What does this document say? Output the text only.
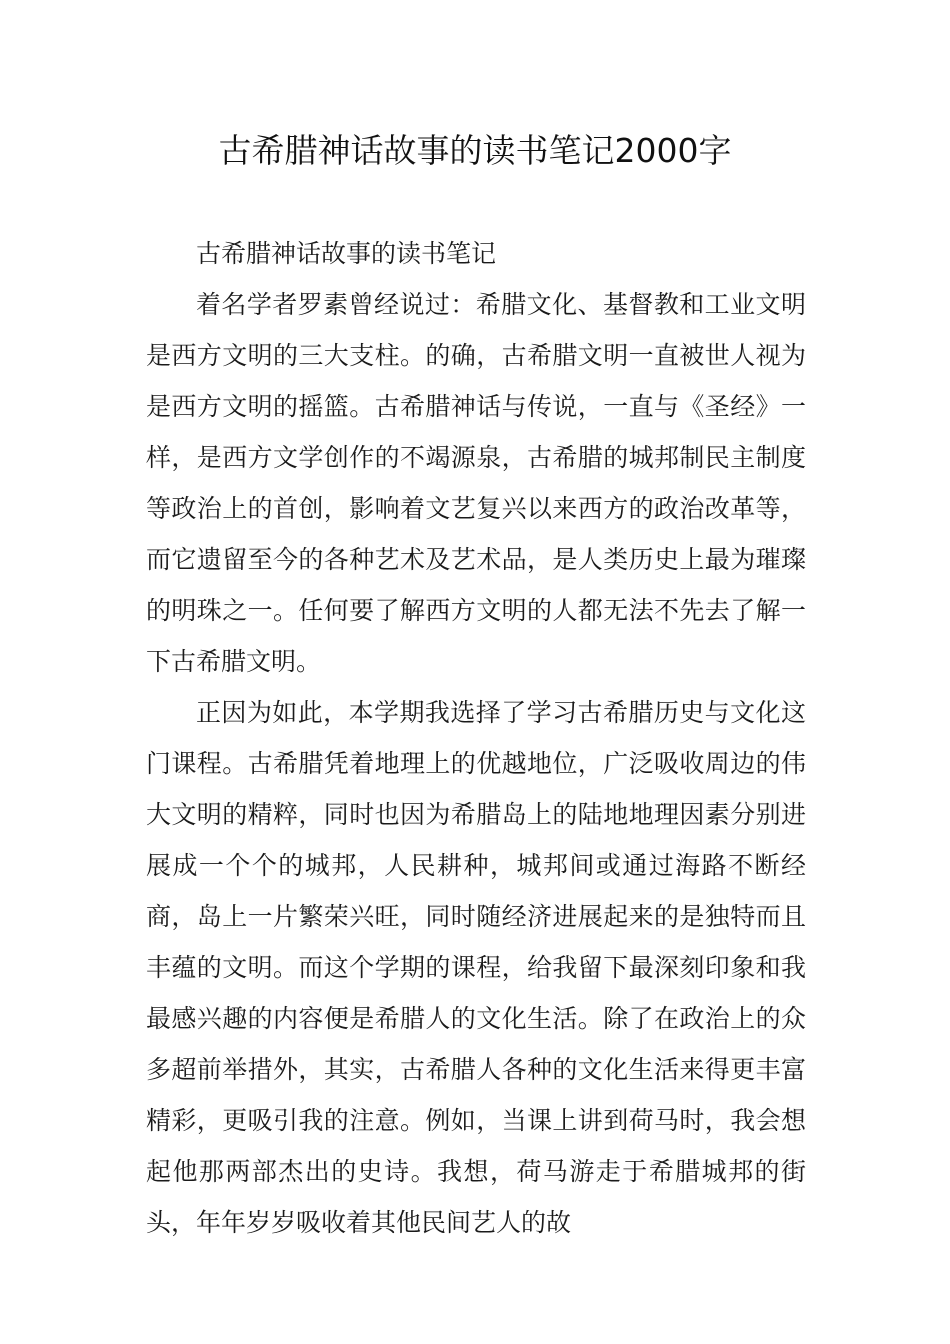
古希腊神话故事的读书笔记2000字

古希腊神话故事的读书笔记

着名学者罗素曾经说过：希腊文化、基督教和工业文明是西方文明的三大支柱。的确，古希腊文明一直被世人视为是西方文明的摇篮。古希腊神话与传说，一直与《圣经》一样，是西方文学创作的不竭源泉，古希腊的城邦制民主制度等政治上的首创，影响着文艺复兴以来西方的政治改革等，而它遗留至今的各种艺术及艺术品，是人类历史上最为璀璨的明珠之一。任何要了解西方文明的人都无法不先去了解一下古希腊文明。

正因为如此，本学期我选择了学习古希腊历史与文化这门课程。古希腊凭着地理上的优越地位，广泛吸收周边的伟大文明的精粹，同时也因为希腊岛上的陆地地理因素分别进展成一个个的城邦，人民耕种，城邦间或通过海路不断经商，岛上一片繁荣兴旺，同时随经济进展起来的是独特而且丰蕴的文明。而这个学期的课程，给我留下最深刻印象和我最感兴趣的内容便是希腊人的文化生活。除了在政治上的众多超前举措外，其实，古希腊人各种的文化生活来得更丰富精彩，更吸引我的注意。例如，当课上讲到荷马时，我会想起他那两部杰出的史诗。我想，荷马游走于希腊城邦的街头，年年岁岁吸收着其他民间艺人的故
